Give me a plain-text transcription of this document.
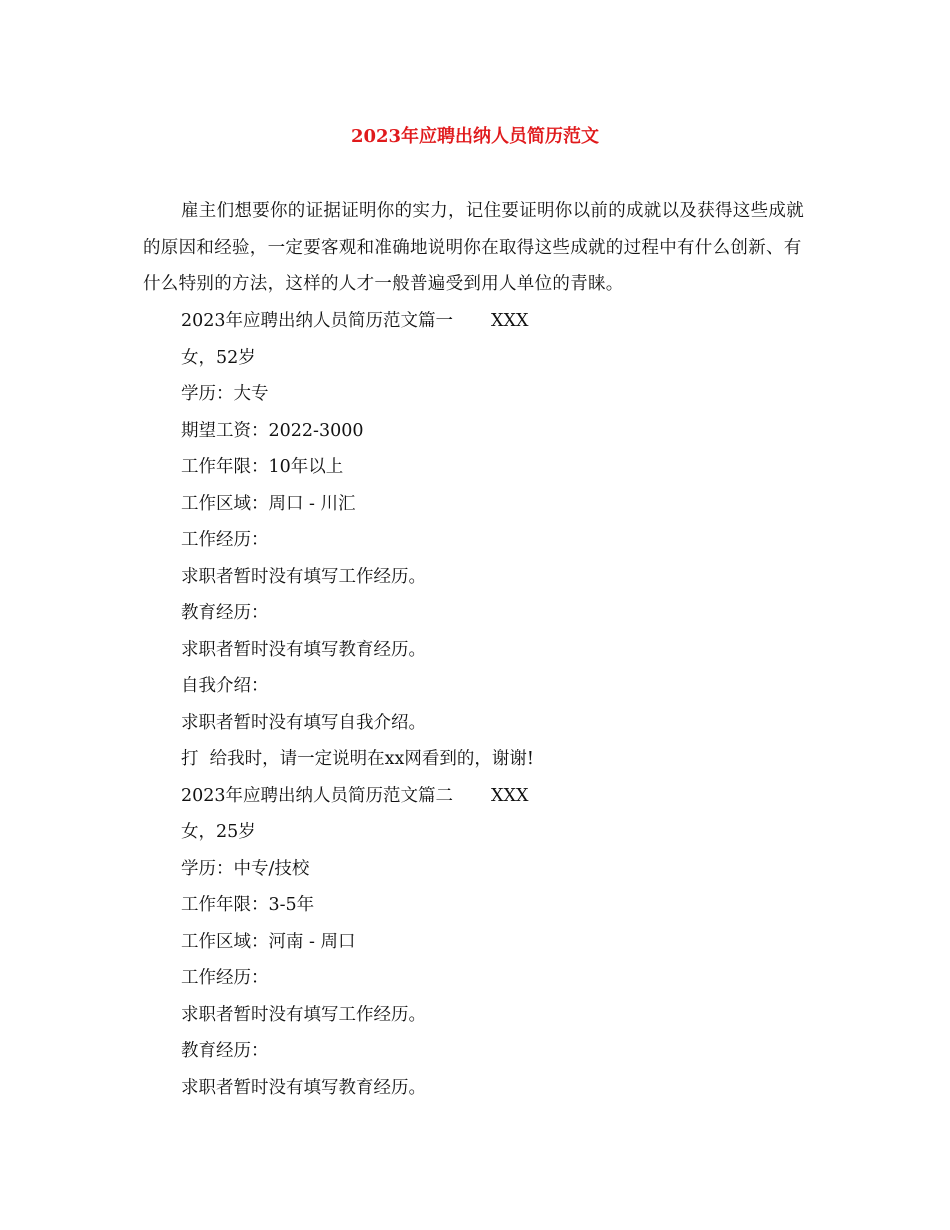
2023年应聘出纳人员简历范文

雇主们想要你的证据证明你的实力，记住要证明你以前的成就以及获得这些成就的原因和经验，一定要客观和准确地说明你在取得这些成就的过程中有什么创新、有什么特别的方法，这样的人才一般普遍受到用人单位的青睐。

2023年应聘出纳人员简历范文篇一 XXX
女，52岁
学历：大专
期望工资：2022-3000
工作年限：10年以上
工作区域：周口 - 川汇
工作经历：
求职者暂时没有填写工作经历。
教育经历：
求职者暂时没有填写教育经历。
自我介绍：
求职者暂时没有填写自我介绍。
打  给我时，请一定说明在xx网看到的，谢谢!
2023年应聘出纳人员简历范文篇二 XXX
女，25岁
学历：中专/技校
工作年限：3-5年
工作区域：河南 - 周口
工作经历：
求职者暂时没有填写工作经历。
教育经历：
求职者暂时没有填写教育经历。
